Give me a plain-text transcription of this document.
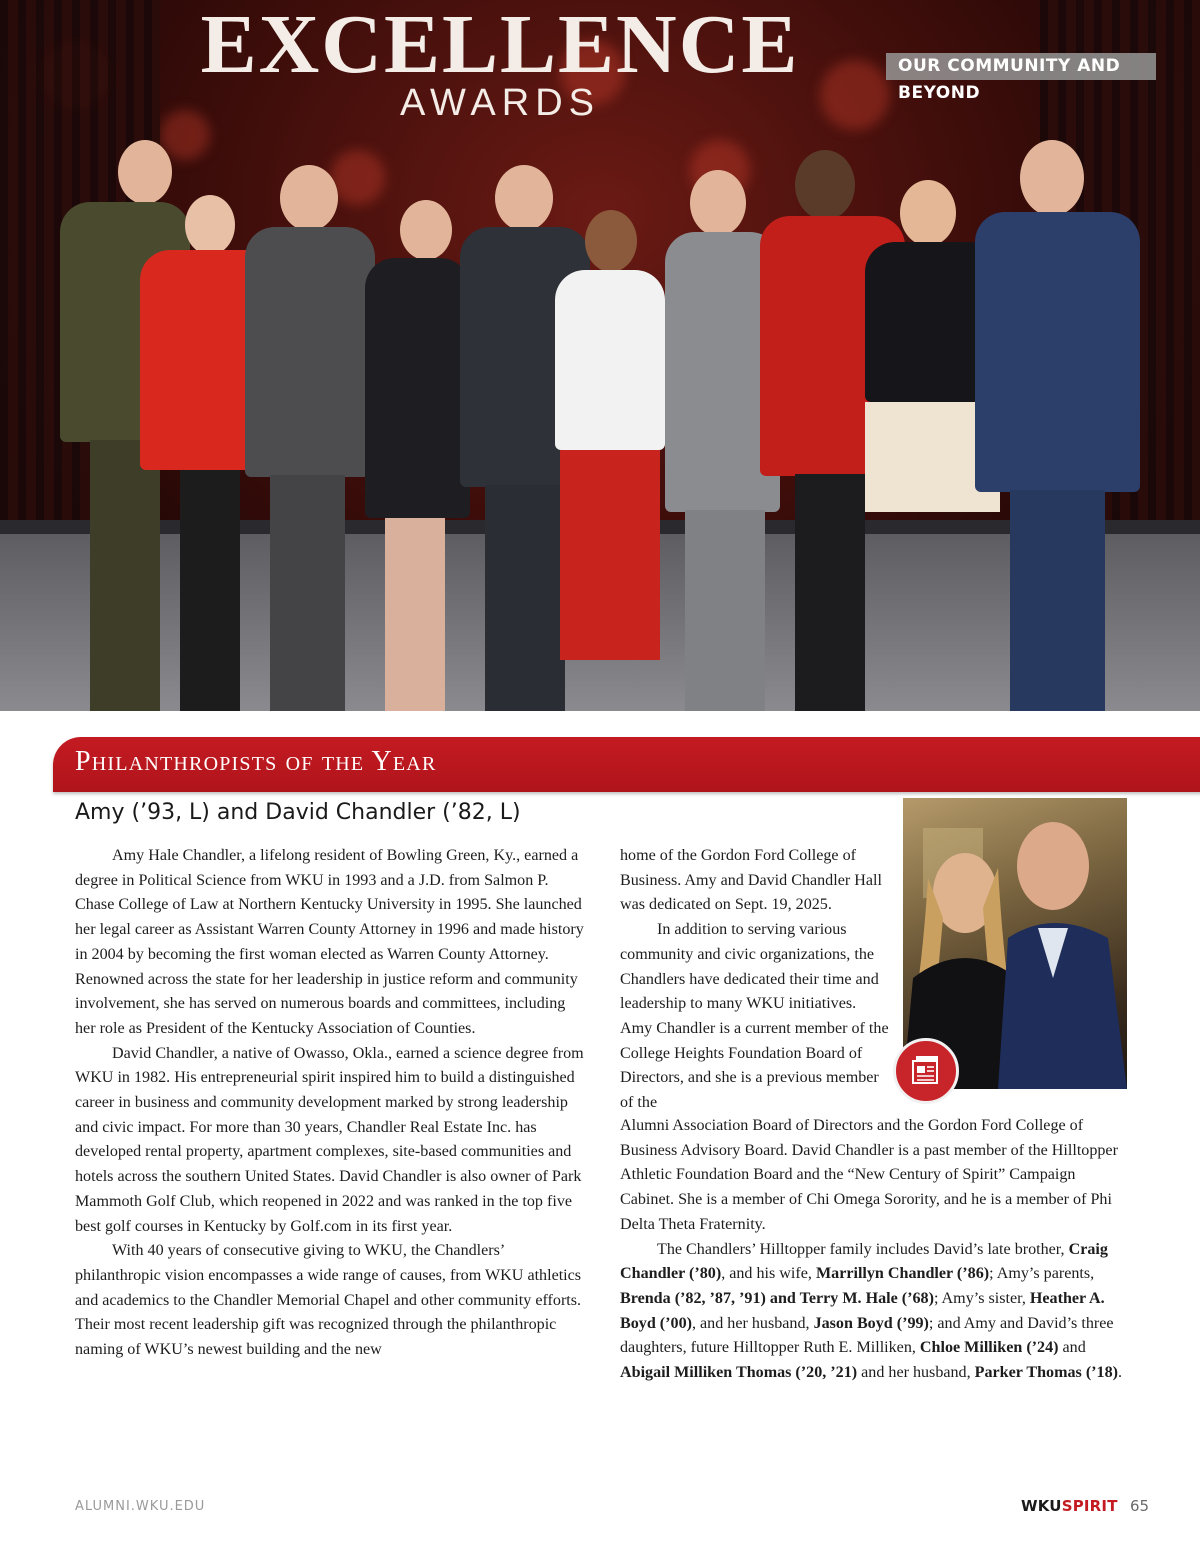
EXCELLENCE
AWARDS
OUR COMMUNITY AND BEYOND
Philanthropists of the Year
Amy (’93, L) and David Chandler (’82, L)

Amy Hale Chandler, a lifelong resident of Bowling Green, Ky., earned a degree in Political Science from WKU in 1993 and a J.D. from Salmon P. Chase College of Law at Northern Kentucky University in 1995. She launched her legal career as Assistant Warren County Attorney in 1996 and made history in 2004 by becoming the first woman elected as Warren County Attorney. Renowned across the state for her leadership in justice reform and community involvement, she has served on numerous boards and committees, including her role as President of the Kentucky Association of Counties.

David Chandler, a native of Owasso, Okla., earned a science degree from WKU in 1982. His entrepreneurial spirit inspired him to build a distinguished career in business and community development marked by strong leadership and civic impact. For more than 30 years, Chandler Real Estate Inc. has developed rental property, apartment complexes, site-based communities and hotels across the southern United States. David Chandler is also owner of Park Mammoth Golf Club, which reopened in 2022 and was ranked in the top five best golf courses in Kentucky by Golf.com in its first year.

With 40 years of consecutive giving to WKU, the Chandlers’ philanthropic vision encompasses a wide range of causes, from WKU athletics and academics to the Chandler Memorial Chapel and other community efforts. Their most recent leadership gift was recognized through the philanthropic naming of WKU’s newest building and the new

home of the Gordon Ford College of Business. Amy and David Chandler Hall was dedicated on Sept. 19, 2025.

In addition to serving various community and civic organizations, the Chandlers have dedicated their time and leadership to many WKU initiatives. Amy Chandler is a current member of the College Heights Foundation Board of Directors, and she is a previous member of the

Alumni Association Board of Directors and the Gordon Ford College of Business Advisory Board. David Chandler is a past member of the Hilltopper Athletic Foundation Board and the “New Century of Spirit” Campaign Cabinet. She is a member of Chi Omega Sorority, and he is a member of Phi Delta Theta Fraternity.

The Chandlers’ Hilltopper family includes David’s late brother, Craig Chandler (’80), and his wife, Marrillyn Chandler (’86); Amy’s parents, Brenda (’82, ’87, ’91) and Terry M. Hale (’68); Amy’s sister, Heather A. Boyd (’00), and her husband, Jason Boyd (’99); and Amy and David’s three daughters, future Hilltopper Ruth E. Milliken, Chloe Milliken (’24) and Abigail Milliken Thomas (’20, ’21) and her husband, Parker Thomas (’18).

ALUMNI.WKU.EDU	WKUSPIRIT 65
